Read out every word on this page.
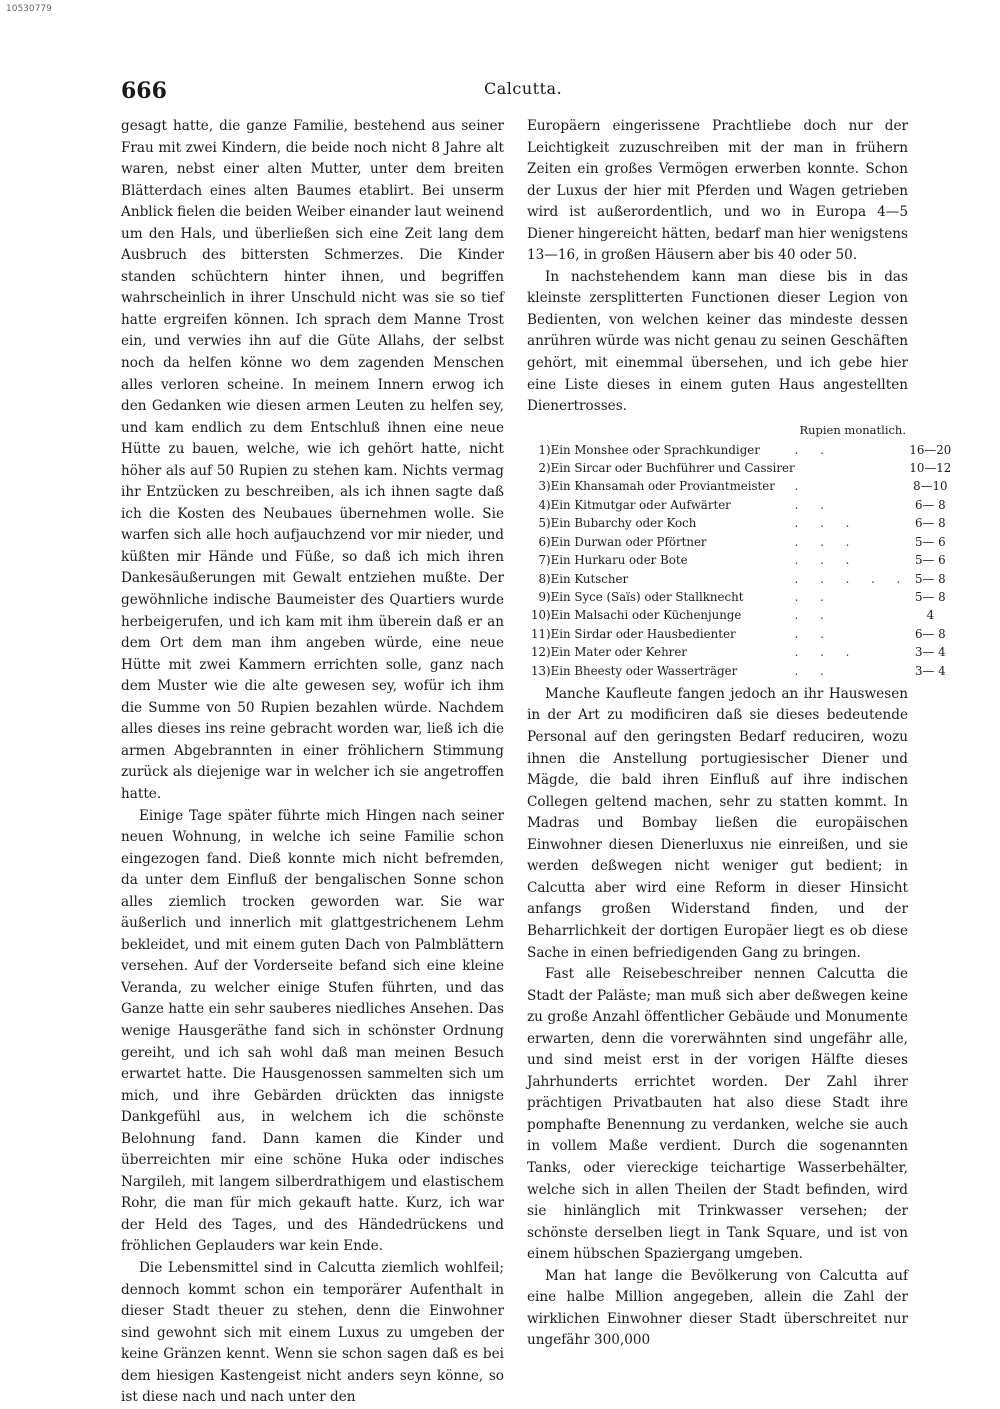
10530779
666	Calcutta.

gesagt hatte, die ganze Familie, bestehend aus seiner Frau mit zwei Kindern, die beide noch nicht 8 Jahre alt waren, nebst einer alten Mutter, unter dem breiten Blätterdach eines alten Baumes etablirt. Bei unserm Anblick fielen die beiden Weiber einander laut weinend um den Hals, und überließen sich eine Zeit lang dem Ausbruch des bittersten Schmerzes. Die Kinder standen schüchtern hinter ihnen, und begriffen wahrscheinlich in ihrer Unschuld nicht was sie so tief hatte ergreifen können. Ich sprach dem Manne Trost ein, und verwies ihn auf die Güte Allahs, der selbst noch da helfen könne wo dem zagenden Menschen alles verloren scheine. In meinem Innern erwog ich den Gedanken wie diesen armen Leuten zu helfen sey, und kam endlich zu dem Entschluß ihnen eine neue Hütte zu bauen, welche, wie ich gehört hatte, nicht höher als auf 50 Rupien zu stehen kam. Nichts vermag ihr Entzücken zu beschreiben, als ich ihnen sagte daß ich die Kosten des Neubaues übernehmen wolle. Sie warfen sich alle hoch aufjauchzend vor mir nieder, und küßten mir Hände und Füße, so daß ich mich ihren Dankesäußerungen mit Gewalt entziehen mußte. Der gewöhnliche indische Baumeister des Quartiers wurde herbeigerufen, und ich kam mit ihm überein daß er an dem Ort dem man ihm angeben würde, eine neue Hütte mit zwei Kammern errichten solle, ganz nach dem Muster wie die alte gewesen sey, wofür ich ihm die Summe von 50 Rupien bezahlen würde. Nachdem alles dieses ins reine gebracht worden war, ließ ich die armen Abgebrannten in einer fröhlichern Stimmung zurück als diejenige war in welcher ich sie angetroffen hatte.

Einige Tage später führte mich Hingen nach seiner neuen Wohnung, in welche ich seine Familie schon eingezogen fand. Dieß konnte mich nicht befremden, da unter dem Einfluß der bengalischen Sonne schon alles ziemlich trocken geworden war. Sie war äußerlich und innerlich mit glattgestrichenem Lehm bekleidet, und mit einem guten Dach von Palmblättern versehen. Auf der Vorderseite befand sich eine kleine Veranda, zu welcher einige Stufen führten, und das Ganze hatte ein sehr sauberes niedliches Ansehen. Das wenige Hausgeräthe fand sich in schönster Ordnung gereiht, und ich sah wohl daß man meinen Besuch erwartet hatte. Die Hausgenossen sammelten sich um mich, und ihre Gebärden drückten das innigste Dankgefühl aus, in welchem ich die schönste Belohnung fand. Dann kamen die Kinder und überreichten mir eine schöne Huka oder indisches Nargileh, mit langem silberdrathigem und elastischem Rohr, die man für mich gekauft hatte. Kurz, ich war der Held des Tages, und des Händedrückens und fröhlichen Geplauders war kein Ende.

Die Lebensmittel sind in Calcutta ziemlich wohlfeil; dennoch kommt schon ein temporärer Aufenthalt in dieser Stadt theuer zu stehen, denn die Einwohner sind gewohnt sich mit einem Luxus zu umgeben der keine Gränzen kennt. Wenn sie schon sagen daß es bei dem hiesigen Kastengeist nicht anders seyn könne, so ist diese nach und nach unter den

Europäern eingerissene Prachtliebe doch nur der Leichtigkeit zuzuschreiben mit der man in frühern Zeiten ein großes Vermögen erwerben konnte. Schon der Luxus der hier mit Pferden und Wagen getrieben wird ist außerordentlich, und wo in Europa 4—5 Diener hingereicht hätten, bedarf man hier wenigstens 13—16, in großen Häusern aber bis 40 oder 50.

In nachstehendem kann man diese bis in das kleinste zersplitterten Functionen dieser Legion von Bedienten, von welchen keiner das mindeste dessen anrühren würde was nicht genau zu seinen Geschäften gehört, mit einemmal übersehen, und ich gebe hier eine Liste dieses in einem guten Haus angestellten Dienertrosses.

Rupien monatlich.
1)	Ein Monshee oder Sprachkundiger	. .	16—20
2)	Ein Sircar oder Buchführer und Cassirer		10—12
3)	Ein Khansamah oder Proviantmeister	.	8—10
4)	Ein Kitmutgar oder Aufwärter	. .	6— 8
5)	Ein Bubarchy oder Koch	. . .	6— 8
6)	Ein Durwan oder Pförtner	. . .	5— 6
7)	Ein Hurkaru oder Bote	. . .	5— 6
8)	Ein Kutscher	. . . . .	5— 8
9)	Ein Syce (Saïs) oder Stallknecht	. .	5— 8
10)	Ein Malsachi oder Küchenjunge	. .	4
11)	Ein Sirdar oder Hausbedienter	. .	6— 8
12)	Ein Mater oder Kehrer	. . .	3— 4
13)	Ein Bheesty oder Wasserträger	. .	3— 4

Manche Kaufleute fangen jedoch an ihr Hauswesen in der Art zu modificiren daß sie dieses bedeutende Personal auf den geringsten Bedarf reduciren, wozu ihnen die Anstellung portugiesischer Diener und Mägde, die bald ihren Einfluß auf ihre indischen Collegen geltend machen, sehr zu statten kommt. In Madras und Bombay ließen die europäischen Einwohner diesen Dienerluxus nie einreißen, und sie werden deßwegen nicht weniger gut bedient; in Calcutta aber wird eine Reform in dieser Hinsicht anfangs großen Widerstand finden, und der Beharrlichkeit der dortigen Europäer liegt es ob diese Sache in einen befriedigenden Gang zu bringen.

Fast alle Reisebeschreiber nennen Calcutta die Stadt der Paläste; man muß sich aber deßwegen keine zu große Anzahl öffentlicher Gebäude und Monumente erwarten, denn die vorerwähnten sind ungefähr alle, und sind meist erst in der vorigen Hälfte dieses Jahrhunderts errichtet worden. Der Zahl ihrer prächtigen Privatbauten hat also diese Stadt ihre pomphafte Benennung zu verdanken, welche sie auch in vollem Maße verdient. Durch die sogenannten Tanks, oder viereckige teichartige Wasserbehälter, welche sich in allen Theilen der Stadt befinden, wird sie hinlänglich mit Trinkwasser versehen; der schönste derselben liegt in Tank Square, und ist von einem hübschen Spaziergang umgeben.

Man hat lange die Bevölkerung von Calcutta auf eine halbe Million angegeben, allein die Zahl der wirklichen Einwohner dieser Stadt überschreitet nur ungefähr 300,000
